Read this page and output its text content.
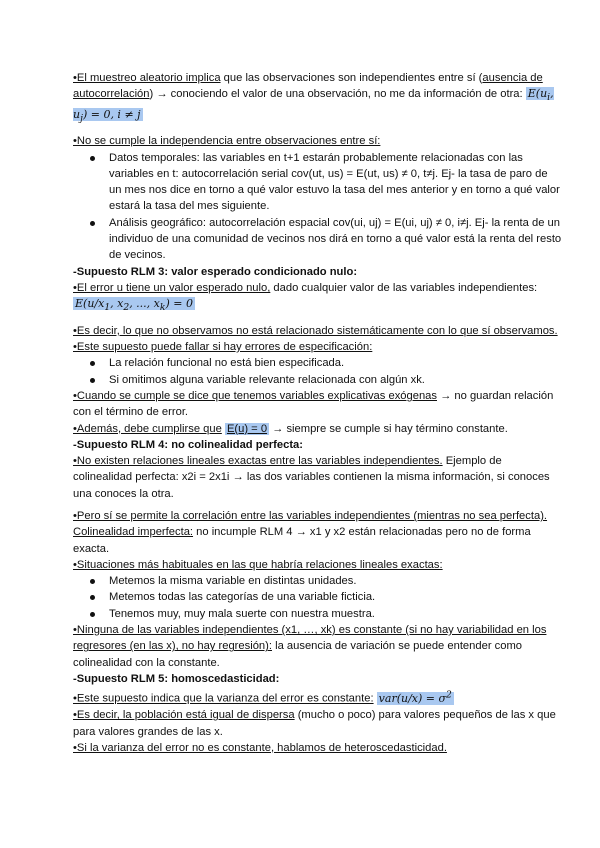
•El muestreo aleatorio implica que las observaciones son independientes entre sí (ausencia de autocorrelación) → conociendo el valor de una observación, no me da información de otra: $E(u_i$, $u_j) = 0$, i ≠ j

•No se cumple la independencia entre observaciones entre sí:

Datos temporales: las variables en t+1 estarán probablemente relacionadas con las variables en t: autocorrelación serial cov(ut, us) = E(ut, us) ≠ 0, t≠j. Ej- la tasa de paro de un mes nos dice en torno a qué valor estuvo la tasa del mes anterior y en torno a qué valor estará la tasa del mes siguiente.
Análisis geográfico: autocorrelación espacial cov(ui, uj) = E(ui, uj) ≠ 0, i≠j. Ej- la renta de un individuo de una comunidad de vecinos nos dirá en torno a qué valor está la renta del resto de vecinos.

-Supuesto RLM 3: valor esperado condicionado nulo:

•El error u tiene un valor esperado nulo, dado cualquier valor de las variables independientes: $E(u/x_1$, $x_2$, ..., $x_k) = 0$

•Es decir, lo que no observamos no está relacionado sistemáticamente con lo que sí observamos.

•Este supuesto puede fallar si hay errores de especificación:

La relación funcional no está bien especificada.
Si omitimos alguna variable relevante relacionada con algún xk.

•Cuando se cumple se dice que tenemos variables explicativas exógenas → no guardan relación con el término de error.

•Además, debe cumplirse que E(u) = 0 → siempre se cumple si hay término constante.

-Supuesto RLM 4: no colinealidad perfecta:

•No existen relaciones lineales exactas entre las variables independientes. Ejemplo de colinealidad perfecta: x2i = 2x1i → las dos variables contienen la misma información, si conoces una conoces la otra.

•Pero sí se permite la correlación entre las variables independientes (mientras no sea perfecta). Colinealidad imperfecta: no incumple RLM 4 → x1 y x2 están relacionadas pero no de forma exacta.

•Situaciones más habituales en las que habría relaciones lineales exactas:

Metemos la misma variable en distintas unidades.
Metemos todas las categorías de una variable ficticia.
Tenemos muy, muy mala suerte con nuestra muestra.

•Ninguna de las variables independientes (x1, …, xk) es constante (si no hay variabilidad en los regresores (en las x), no hay regresión): la ausencia de variación se puede entender como colinealidad con la constante.

-Supuesto RLM 5: homoscedasticidad:

•Este supuesto indica que la varianza del error es constante: $var(u/x) = \sigma^2$

•Es decir, la población está igual de dispersa (mucho o poco) para valores pequeños de las x que para valores grandes de las x.

•Si la varianza del error no es constante, hablamos de heteroscedasticidad.
